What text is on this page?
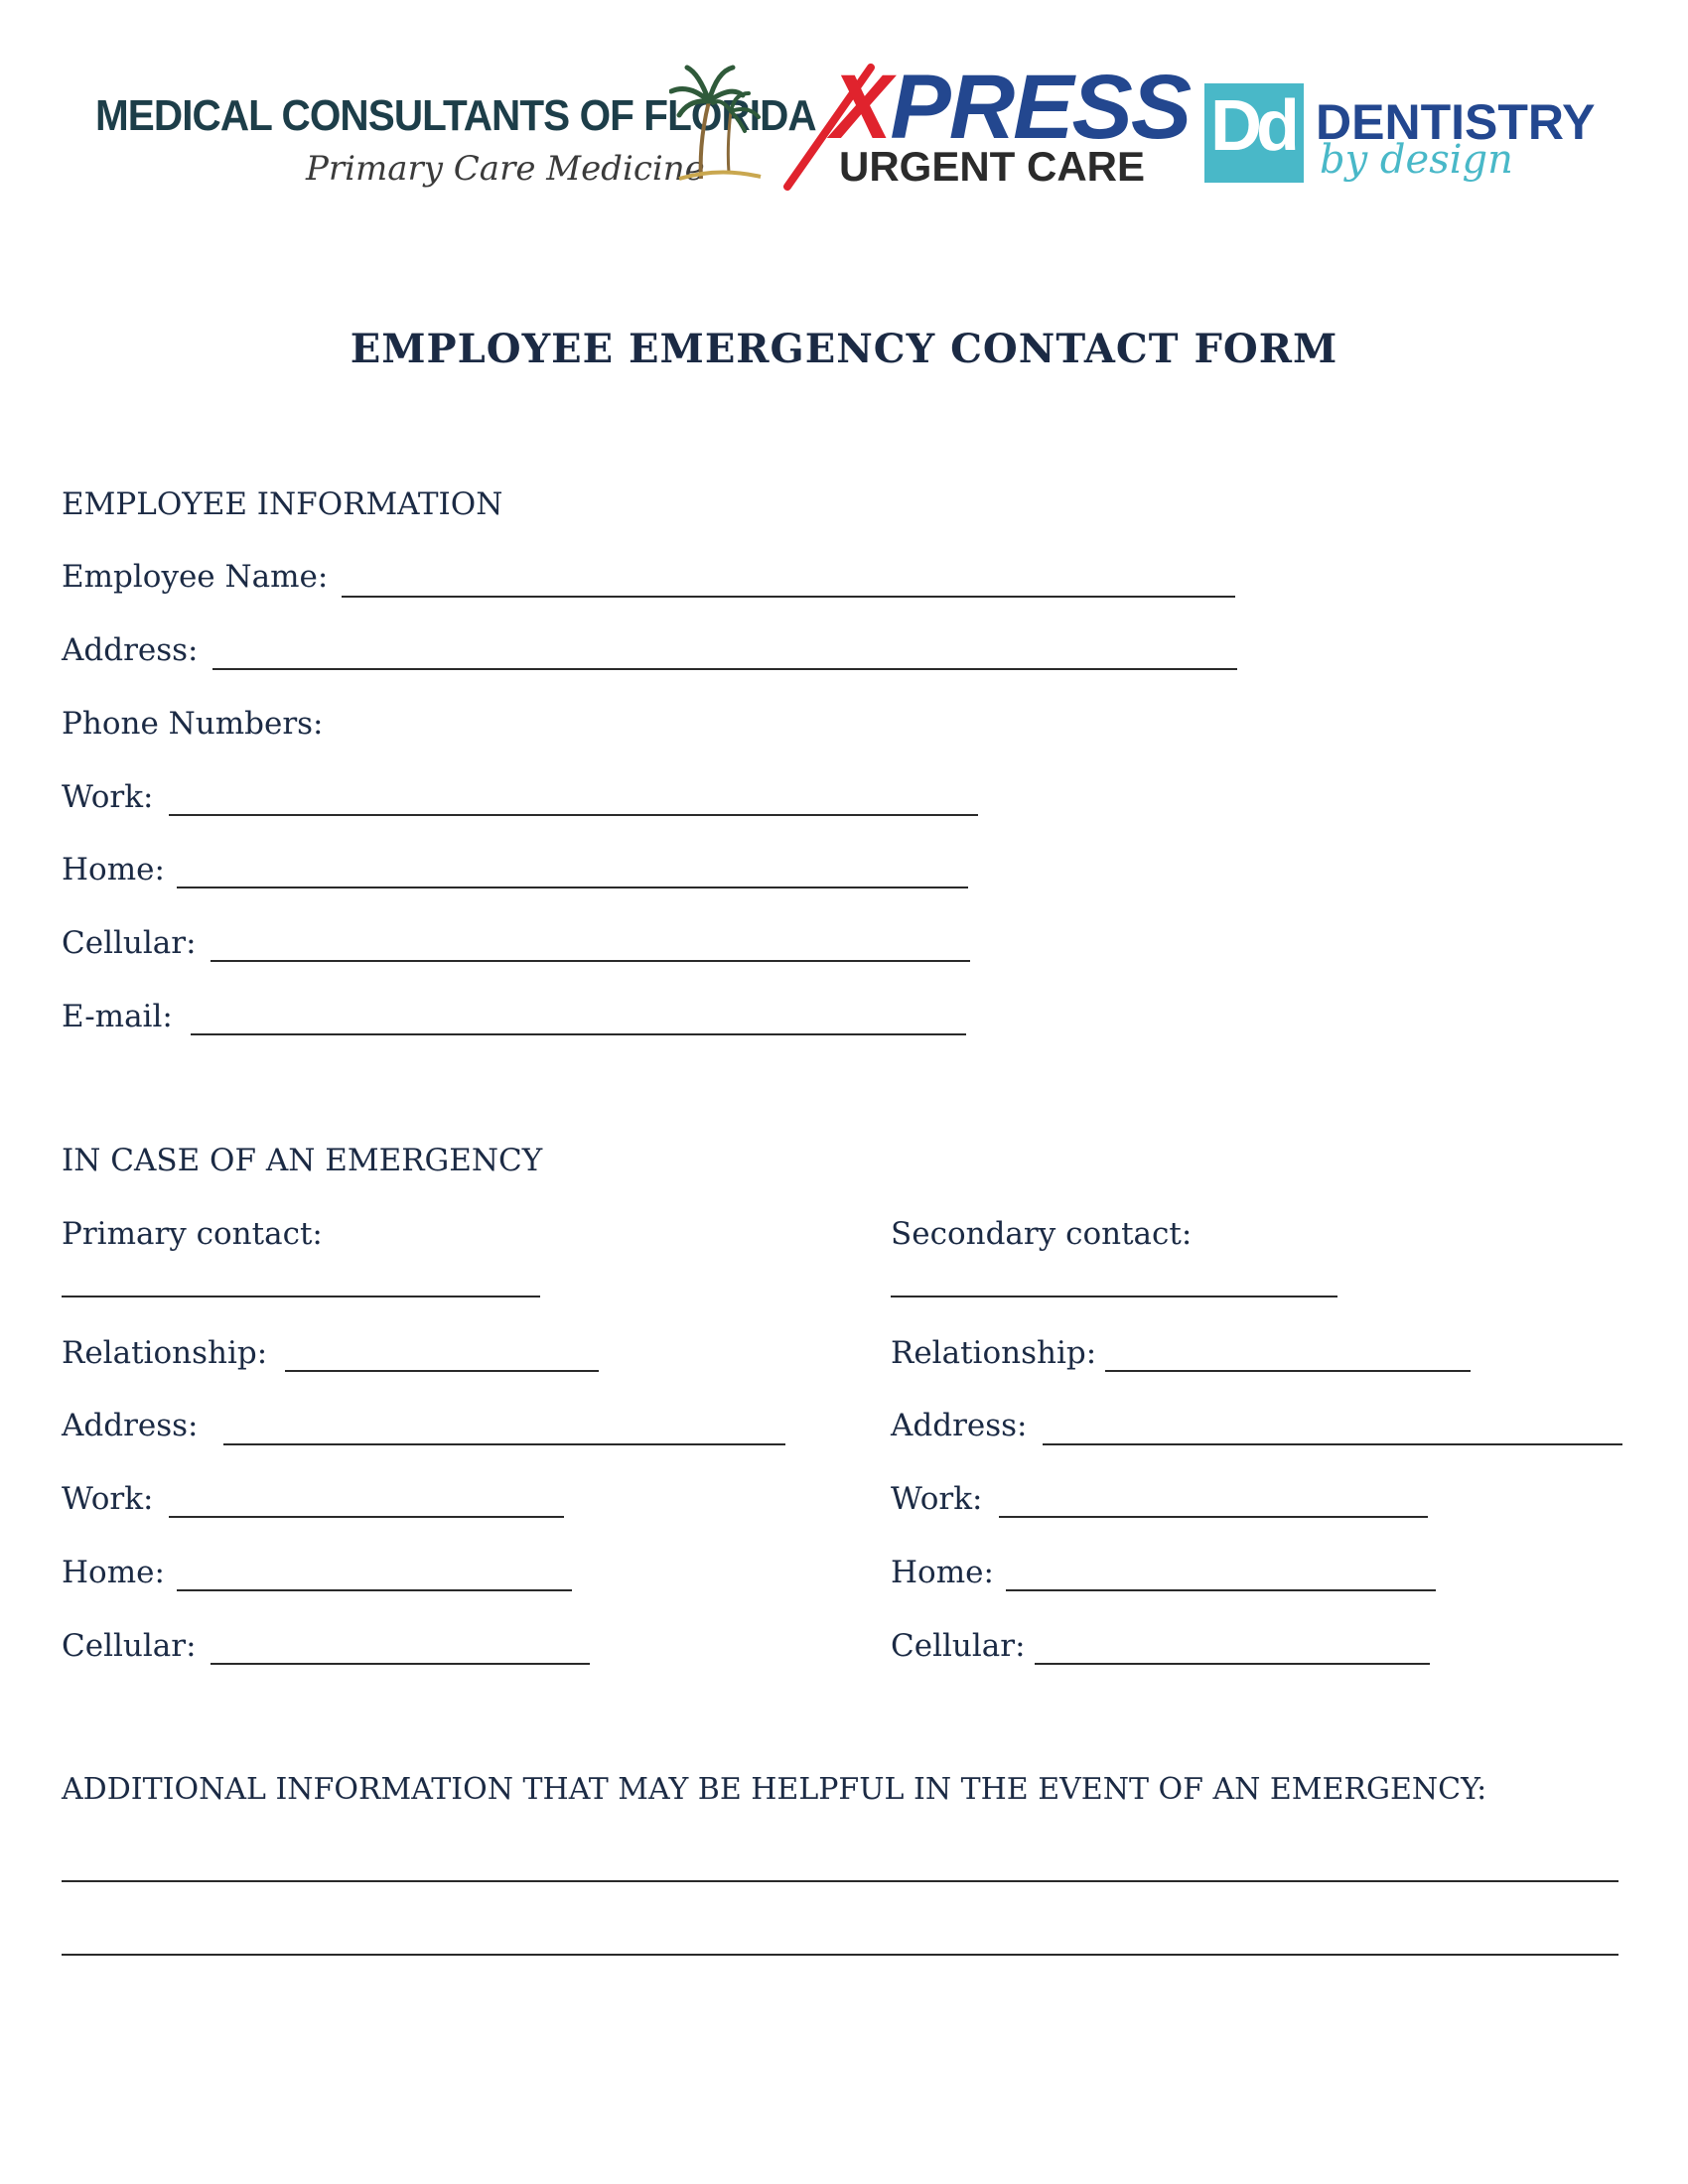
MEDICAL CONSULTANTS OF FLORIDA
Primary Care Medicine
XPRESS
URGENT CARE
Dd DENTISTRY
by design
EMPLOYEE EMERGENCY CONTACT FORM
EMPLOYEE INFORMATION
Employee Name:
Address:
Phone Numbers:
Work:
Home:
Cellular:
E-mail:
IN CASE OF AN EMERGENCY
Primary contact:
Relationship:
Address:
Work:
Home:
Cellular:
Secondary contact:
Relationship:
Address:
Work:
Home:
Cellular:
ADDITIONAL INFORMATION THAT MAY BE HELPFUL IN THE EVENT OF AN EMERGENCY:
